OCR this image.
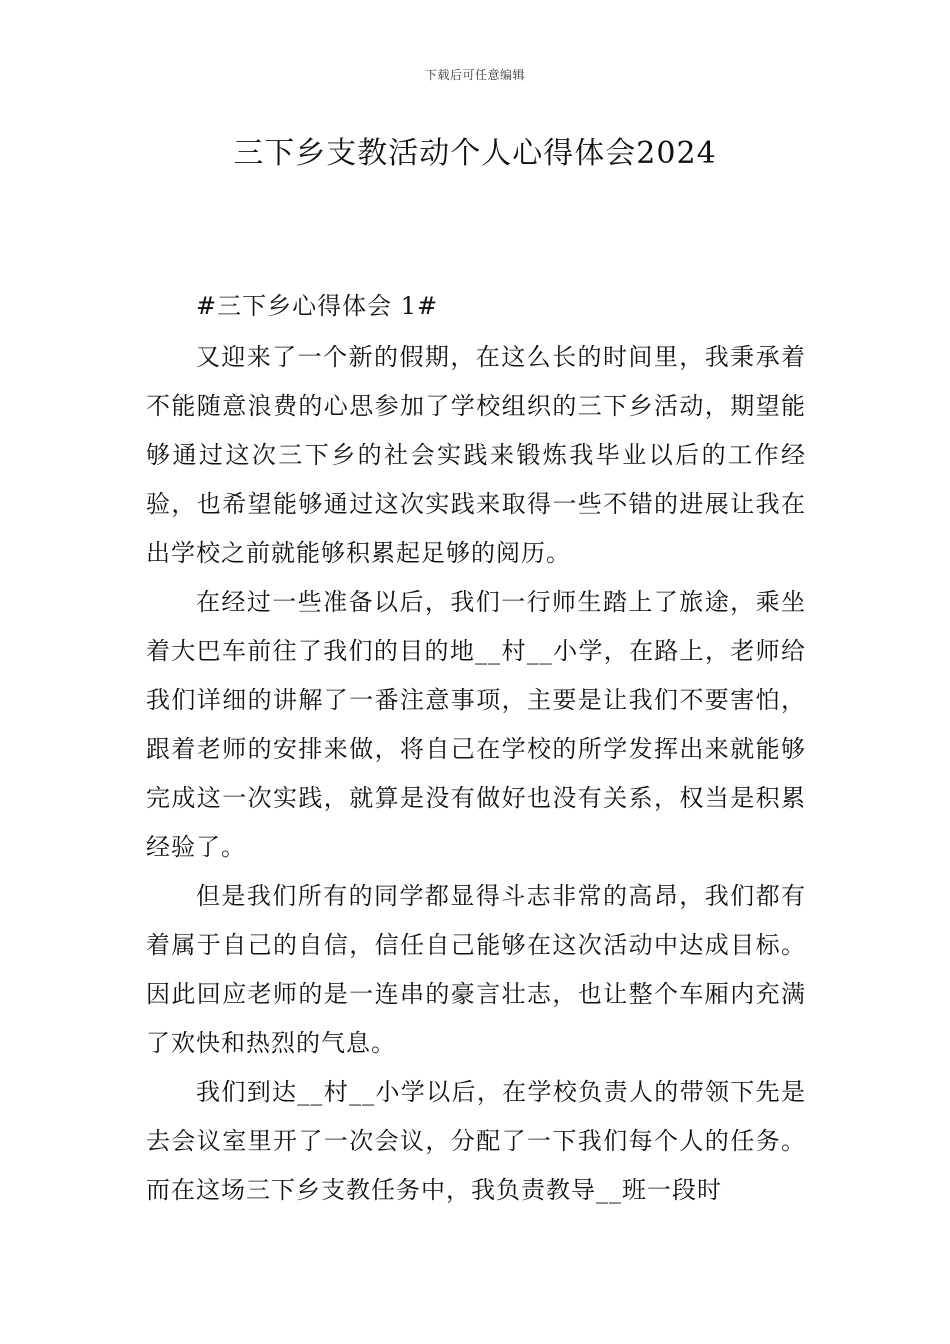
下载后可任意编辑
三下乡支教活动个人心得体会2024

#三下乡心得体会 1#

又迎来了一个新的假期，在这么长的时间里，我秉承着不能随意浪费的心思参加了学校组织的三下乡活动，期望能够通过这次三下乡的社会实践来锻炼我毕业以后的工作经验，也希望能够通过这次实践来取得一些不错的进展让我在出学校之前就能够积累起足够的阅历。

在经过一些准备以后，我们一行师生踏上了旅途，乘坐着大巴车前往了我们的目的地__村__小学，在路上，老师给我们详细的讲解了一番注意事项，主要是让我们不要害怕，跟着老师的安排来做，将自己在学校的所学发挥出来就能够完成这一次实践，就算是没有做好也没有关系，权当是积累经验了。

但是我们所有的同学都显得斗志非常的高昂，我们都有着属于自己的自信，信任自己能够在这次活动中达成目标。因此回应老师的是一连串的豪言壮志，也让整个车厢内充满了欢快和热烈的气息。

我们到达__村__小学以后，在学校负责人的带领下先是去会议室里开了一次会议，分配了一下我们每个人的任务。而在这场三下乡支教任务中，我负责教导__班一段时
